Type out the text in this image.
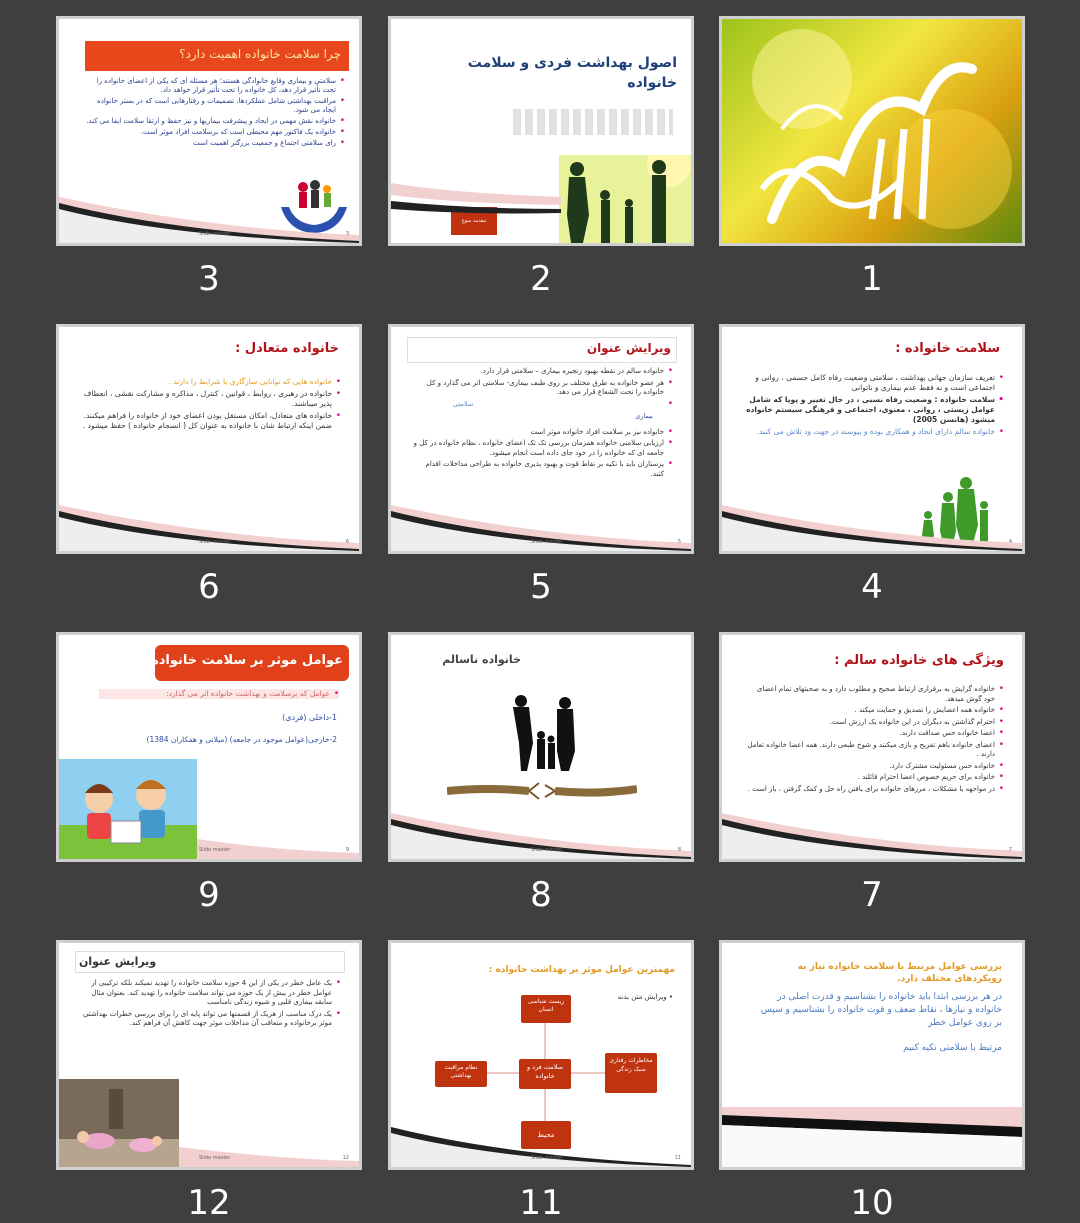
چرا سلامت خانواده اهمیت دارد؟
• سلامتی و بیماری وقایع خانوادگی هستند؛ هر مسئله ای که یکی از اعضای خانواده را تحت تأثیر قرار دهد، کل خانواده را تحت تأثیر قرار خواهد داد.
• مراقبت بهداشتی شامل عملکردها، تصمیمات و رفتارهایی است که در بستر خانواده ایجاد می شود.
• خانواده نقش مهمی در ایجاد و پیشرفت بیماریها و نیز حفظ و ارتقا سلامت ایفا می کند.
• خانواده یک فاکتور مهم محیطی است که برسلامت افراد موثر است.
• رای سلامتی اجتماع و جمعیت بزرگتر اهمیت است
Slide master	3
3
اصول بهداشت فردی و سلامت خانواده
مقدمه منوع
2	1
خانواده متعادل :
• خانواده هایی که توانایی سازگاری با شرایط را دارند .
• خانواده در رهبری ، روابط ، قوانین ، کنترل ، مذاکره و مشارکت نقشی ، انعطاف پذیر میباشند.
• خانواده های متعادل، امکان مستقل بودن اعضای خود از خانواده را فراهم میکنند. ضمن اینکه ارتباط شان با خانواده به عنوان کل ( انسجام خانواده ) حفظ میشود .
Slide master	6
6
ویرایش عنوان
• خانواده سالم در نقطه بهبود زنجیره بیماری – سلامتی قرار دارد.
• هر عضو خانواده به طرق مختلف بر روی طیف بیماری- سلامتی اثر می گذارد و کل خانواده را تحت الشعاع قرار می دهد.
• سلامتی
بیماری
• خانواده نیز بر سلامت افراد خانواده موثر است
• ارزیابی سلامتی خانواده همزمان بررسی تک تک اعضای خانواده ، نظام خانواده در کل و جامعه ای که خانواده را در خود جای داده است انجام میشود.
• پرستاران باید با تکیه بر نقاط قوت و بهبود پذیری خانواده به طراحی مداخلات اقدام کنند.
Slide master	5
5
سلامت خانواده :
• تعریف سازمان جهانی بهداشت ، سلامتی وضعیت رفاه کامل جسمی ، روانی و اجتماعی است و نه فقط عدم بیماری و ناتوانی
• سلامت خانواده : وضعیت رفاه نسبی ، در حال تغییر و پویا که شامل عوامل زیستی ، روانی ، معنوی، اجتماعی و فرهنگی سیستم خانواده میشود (هانسن 2005)
• خانواده سالم دارای اتحاد و همکاری بوده و پیوسته در جهت ود تلاش می کنند.
4
4
عوامل موثر بر سلامت خانواده
• عوامل که برسلامت و بهداشت خانواده اثر می گذارد:
1-داخلی (فردی)
2-خارجی(عوامل موجود در جامعه) (میلانی و همکاران 1384)
Slide master	9
9
خانواده ناسالم
Slide master	8
8
ویژگی های خانواده سالم :
• خانواده گرایش به برقراری ارتباط صحیح و مطلوب دارد و به صحبتهای تمام اعضای خود گوش میدهد.
• خانواده همه اعضایش را تصدیق و حمایت میکند .
• احترام گذاشتن به دیگران در این خانواده یک ارزش است.
• اعضا خانواده حس صداقت دارند.
• اعضای خانواده باهم تفریح و بازی میکنند و شوخ طبعی دارند. همه اعضا خانواده تعامل دارند .
• خانواده حس مسئولیت مشترک دارد.
• خانواده برای حریم خصوص اعضا احترام قائلند .
• در مواجهه با مشکلات ، مرزهای خانواده برای یافتن راه حل و کمک گرفتن ، باز است .
7
7
ویرایش عنوان
• یک عامل خطر در یکی از این 4 حوزه سلامت خانواده را تهدید نمیکند بلکه ترکیبی از عوامل خطر در بیش از یک حوزه می تواند سلامت خانواده را تهدید کند. بعنوان مثال سابقه بیماری قلبی و شیوه زندگی نامناسب
• یک درک مناسب از هریک از قسمتها می تواند پایه ای را برای بررسی خطرات بهداشتی موثر برخانواده و متعاقب آن مداخلات موثر جهت کاهش آن فراهم کند.
Slide master	12
12
مهمترین عوامل موثر بر بهداشت خانواده :
• ویرایش متن بدنه
زیست شناسی انسان
سلامت فرد و خانواده
نظام مراقبت بهداشتی
مخاطرات رفتاری سبک زندگی
محیط
Slide master	11
11
بررسی عوامل مرتبط با سلامت خانواده نیاز به رویکردهای مختلف دارد.
در هر بررسی ابتدا باید خانواده را بشناسیم و قدرت اصلی در خانواده و نیازها ، نقاط ضعف و قوت خانواده را بشناسیم و سپس بر روی عوامل خطر
مرتبط با سلامتی تکیه کنیم
10
